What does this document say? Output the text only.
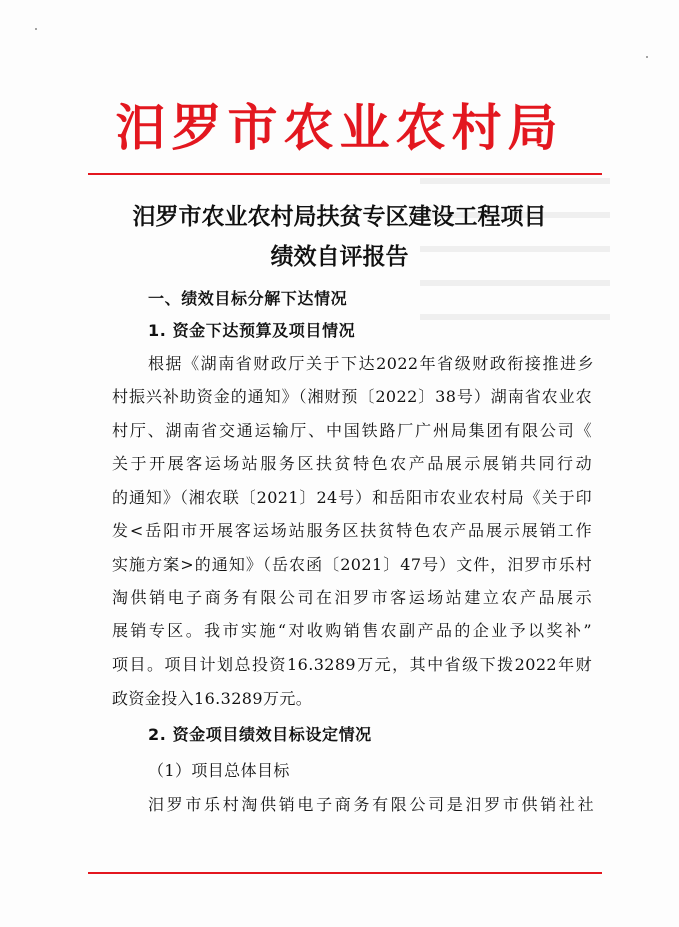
汨罗市农业农村局
汨罗市农业农村局扶贫专区建设工程项目
绩效自评报告
一、绩效目标分解下达情况
1. 资金下达预算及项目情况
根据《湖南省财政厅关于下达2022年省级财政衔接推进乡
村振兴补助资金的通知》（湘财预〔2022〕38号）湖南省农业农
村厅、湖南省交通运输厅、中国铁路厂广州局集团有限公司《
关于开展客运场站服务区扶贫特色农产品展示展销共同行动
的通知》（湘农联〔2021〕24号）和岳阳市农业农村局《关于印
发<岳阳市开展客运场站服务区扶贫特色农产品展示展销工作
实施方案>的通知》（岳农函〔2021〕47号）文件，汨罗市乐村
淘供销电子商务有限公司在汨罗市客运场站建立农产品展示
展销专区。我市实施“对收购销售农副产品的企业予以奖补”
项目。项目计划总投资16.3289万元，其中省级下拨2022年财
政资金投入16.3289万元。
2. 资金项目绩效目标设定情况
（1）项目总体目标
汨罗市乐村淘供销电子商务有限公司是汨罗市供销社社
